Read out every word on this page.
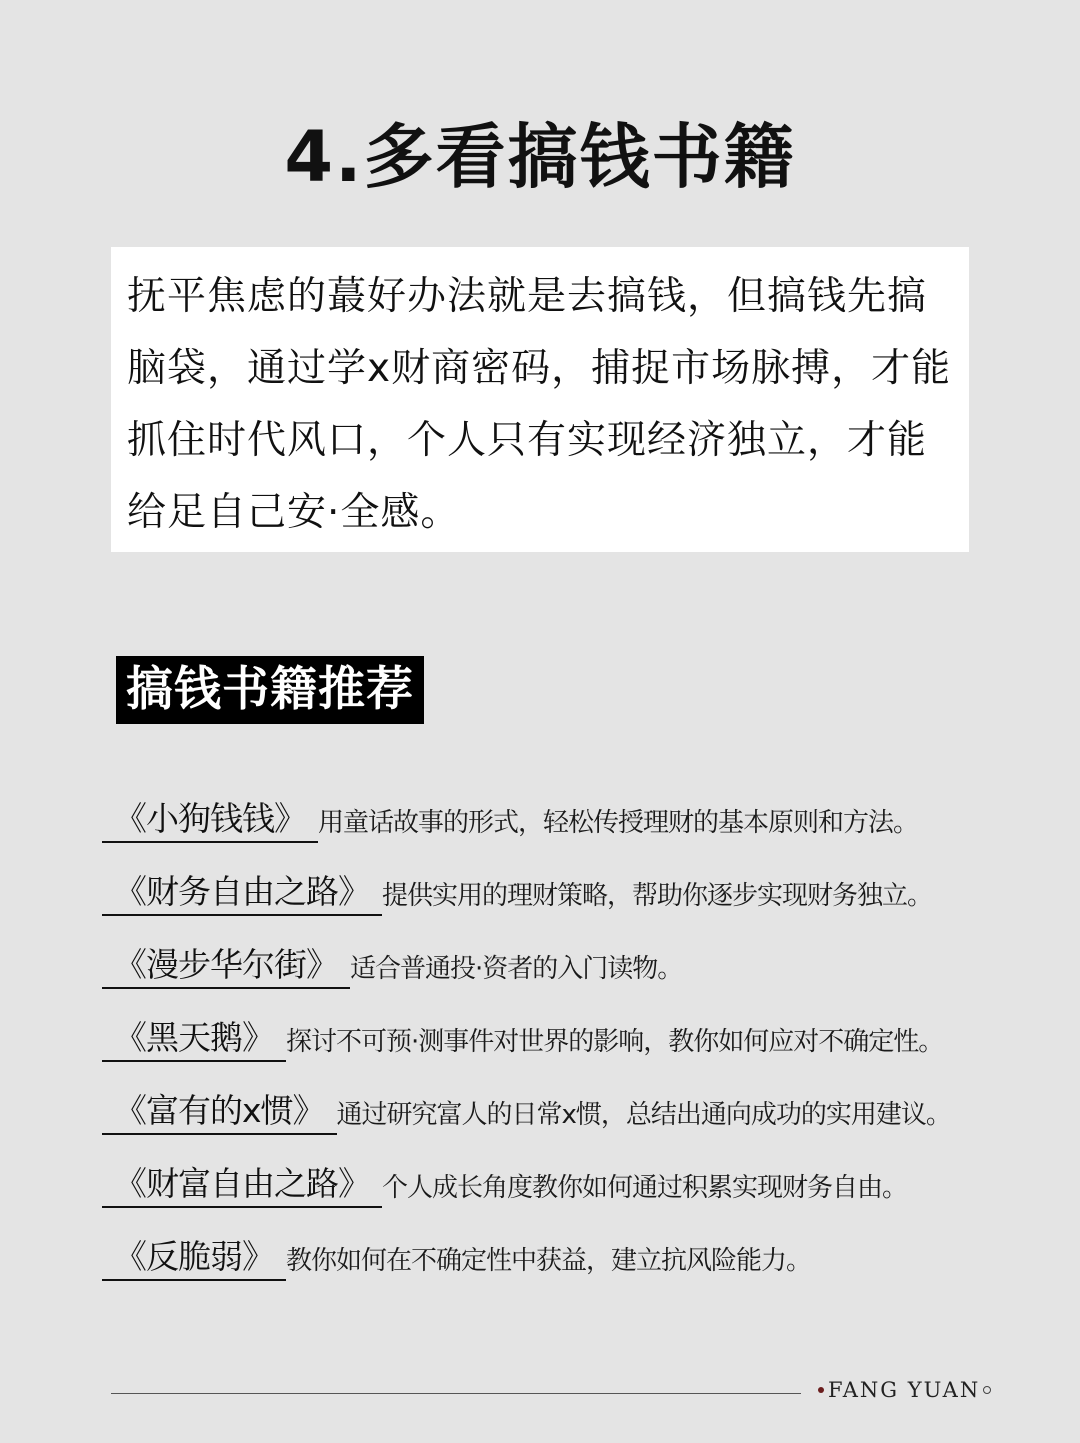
4.多看搞钱书籍

抚平焦虑的蕞好办法就是去搞钱，但搞钱先搞
脑袋，通过学x财商密码，捕捉市场脉搏，才能
抓住时代风口，个人只有实现经济独立，才能
给足自己安·全感。

搞钱书籍推荐
《小狗钱钱》 用童话故事的形式，轻松传授理财的基本原则和方法。
《财务自由之路》 提供实用的理财策略，帮助你逐步实现财务独立。
《漫步华尔街》 适合普通投·资者的入门读物。
《黑天鹅》 探讨不可预·测事件对世界的影响，教你如何应对不确定性。
《富有的x惯》 通过研究富人的日常x惯，总结出通向成功的实用建议。
《财富自由之路》 个人成长角度教你如何通过积累实现财务自由。
《反脆弱》 教你如何在不确定性中获益，建立抗风险能力。
FANG YUAN
